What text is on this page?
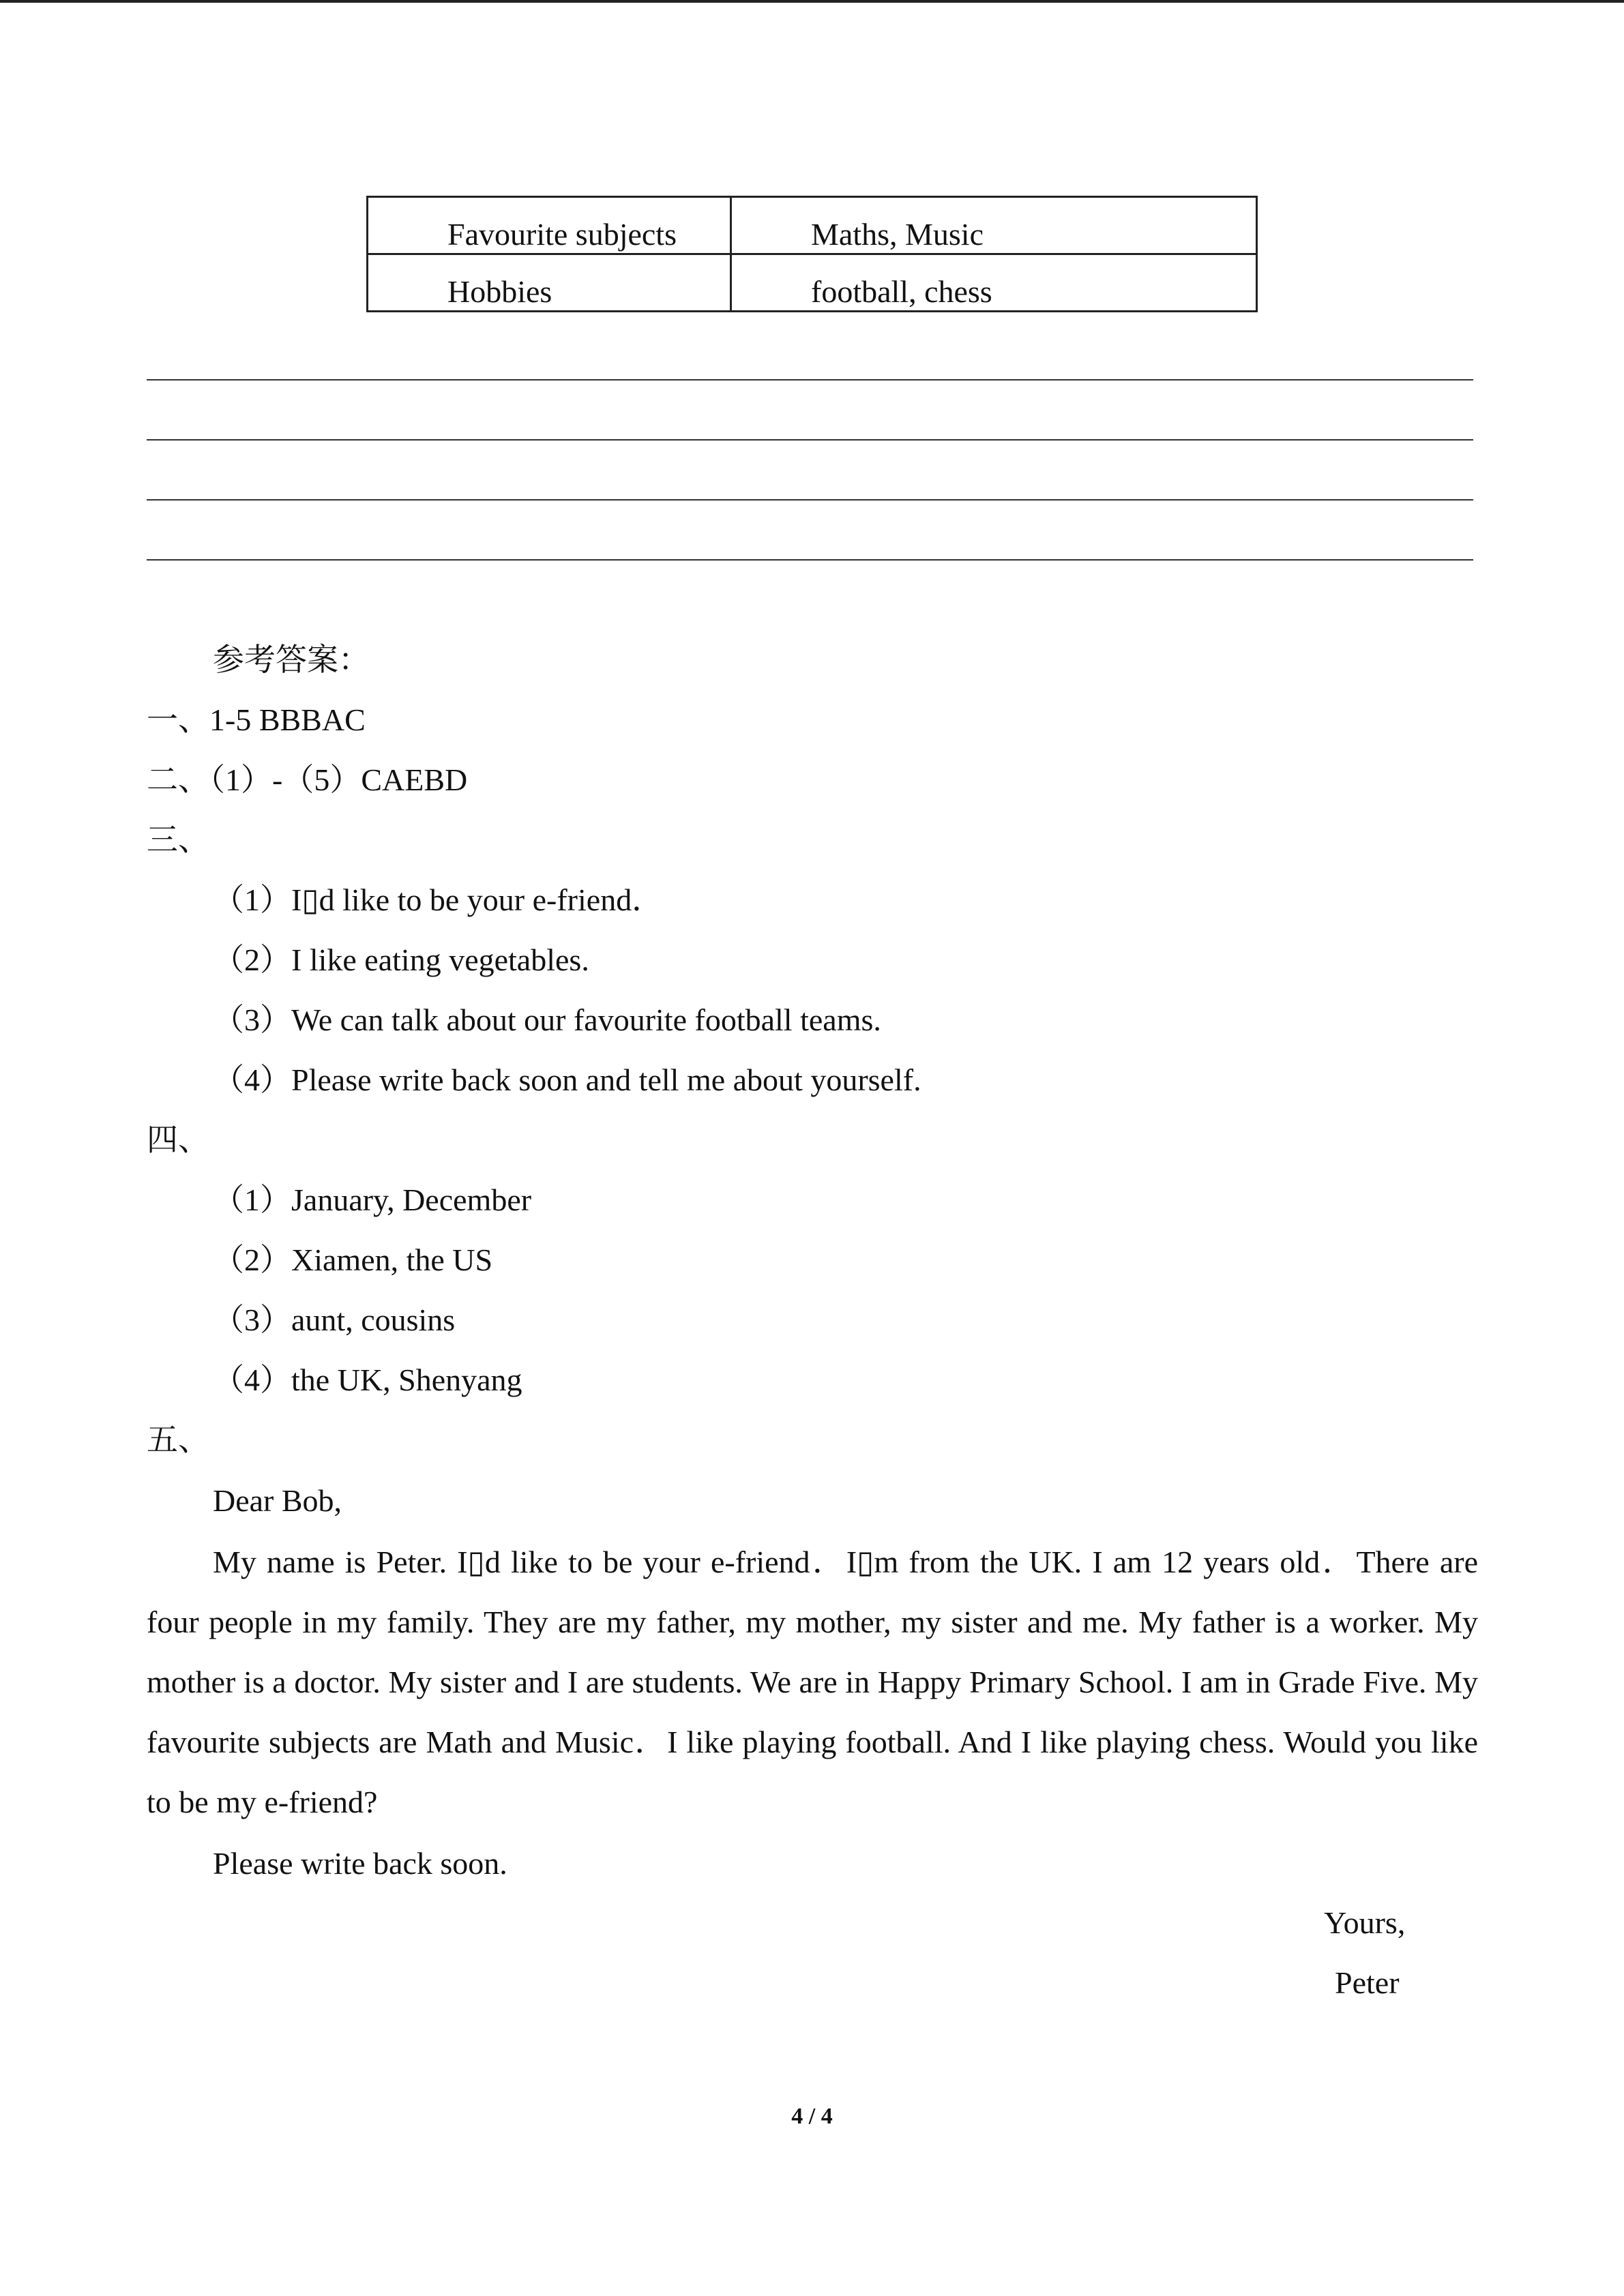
Favourite subjects	Maths, Music
Hobbies	football, chess
参考答案：
一、1-5 BBBAC
二、（1）-（5）CAEBD
三、
（1）I▯d like to be your e-friend．
（2）I like eating vegetables.
（3）We can talk about our favourite football teams.
（4）Please write back soon and tell me about yourself.
四、
（1）January, December
（2）Xiamen, the US
（3）aunt, cousins
（4）the UK, Shenyang
五、
Dear Bob,

My name is Peter. I▯d like to be your e-friend．I▯m from the UK. I am 12 years old．There are four people in my family. They are my father, my mother, my sister and me. My father is a worker. My mother is a doctor. My sister and I are students. We are in Happy Primary School. I am in Grade Five. My favourite subjects are Math and Music．I like playing football. And I like playing chess. Would you like to be my e-friend?

Please write back soon.
Yours,
Peter
4 / 4
